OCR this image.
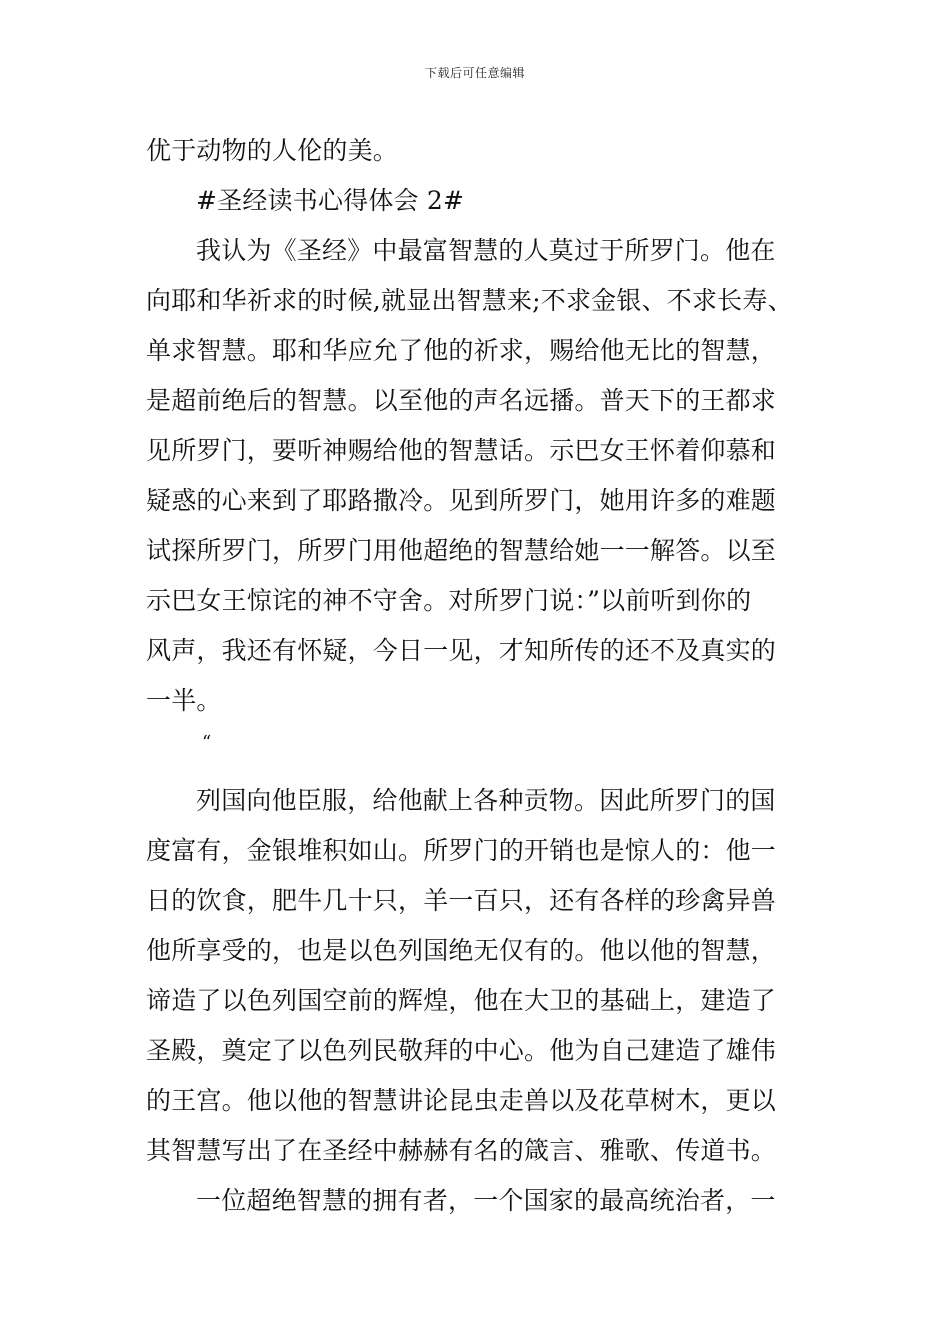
下载后可任意编辑
优于动物的人伦的美。
#圣经读书心得体会 2#
我认为《圣经》中最富智慧的人莫过于所罗门。他在
向耶和华祈求的时候,就显出智慧来;不求金银、不求长寿、
单求智慧。耶和华应允了他的祈求，赐给他无比的智慧，
是超前绝后的智慧。以至他的声名远播。普天下的王都求
见所罗门，要听神赐给他的智慧话。示巴女王怀着仰慕和
疑惑的心来到了耶路撒冷。见到所罗门，她用许多的难题
试探所罗门，所罗门用他超绝的智慧给她一一解答。以至
示巴女王惊诧的神不守舍。对所罗门说：”以前听到你的
风声，我还有怀疑，今日一见，才知所传的还不及真实的
一半。
“
列国向他臣服，给他献上各种贡物。因此所罗门的国
度富有，金银堆积如山。所罗门的开销也是惊人的：他一
日的饮食，肥牛几十只，羊一百只，还有各样的珍禽异兽
他所享受的，也是以色列国绝无仅有的。他以他的智慧，
谛造了以色列国空前的辉煌，他在大卫的基础上，建造了
圣殿，奠定了以色列民敬拜的中心。他为自己建造了雄伟
的王宫。他以他的智慧讲论昆虫走兽以及花草树木，更以
其智慧写出了在圣经中赫赫有名的箴言、雅歌、传道书。
一位超绝智慧的拥有者，一个国家的最高统治者，一
